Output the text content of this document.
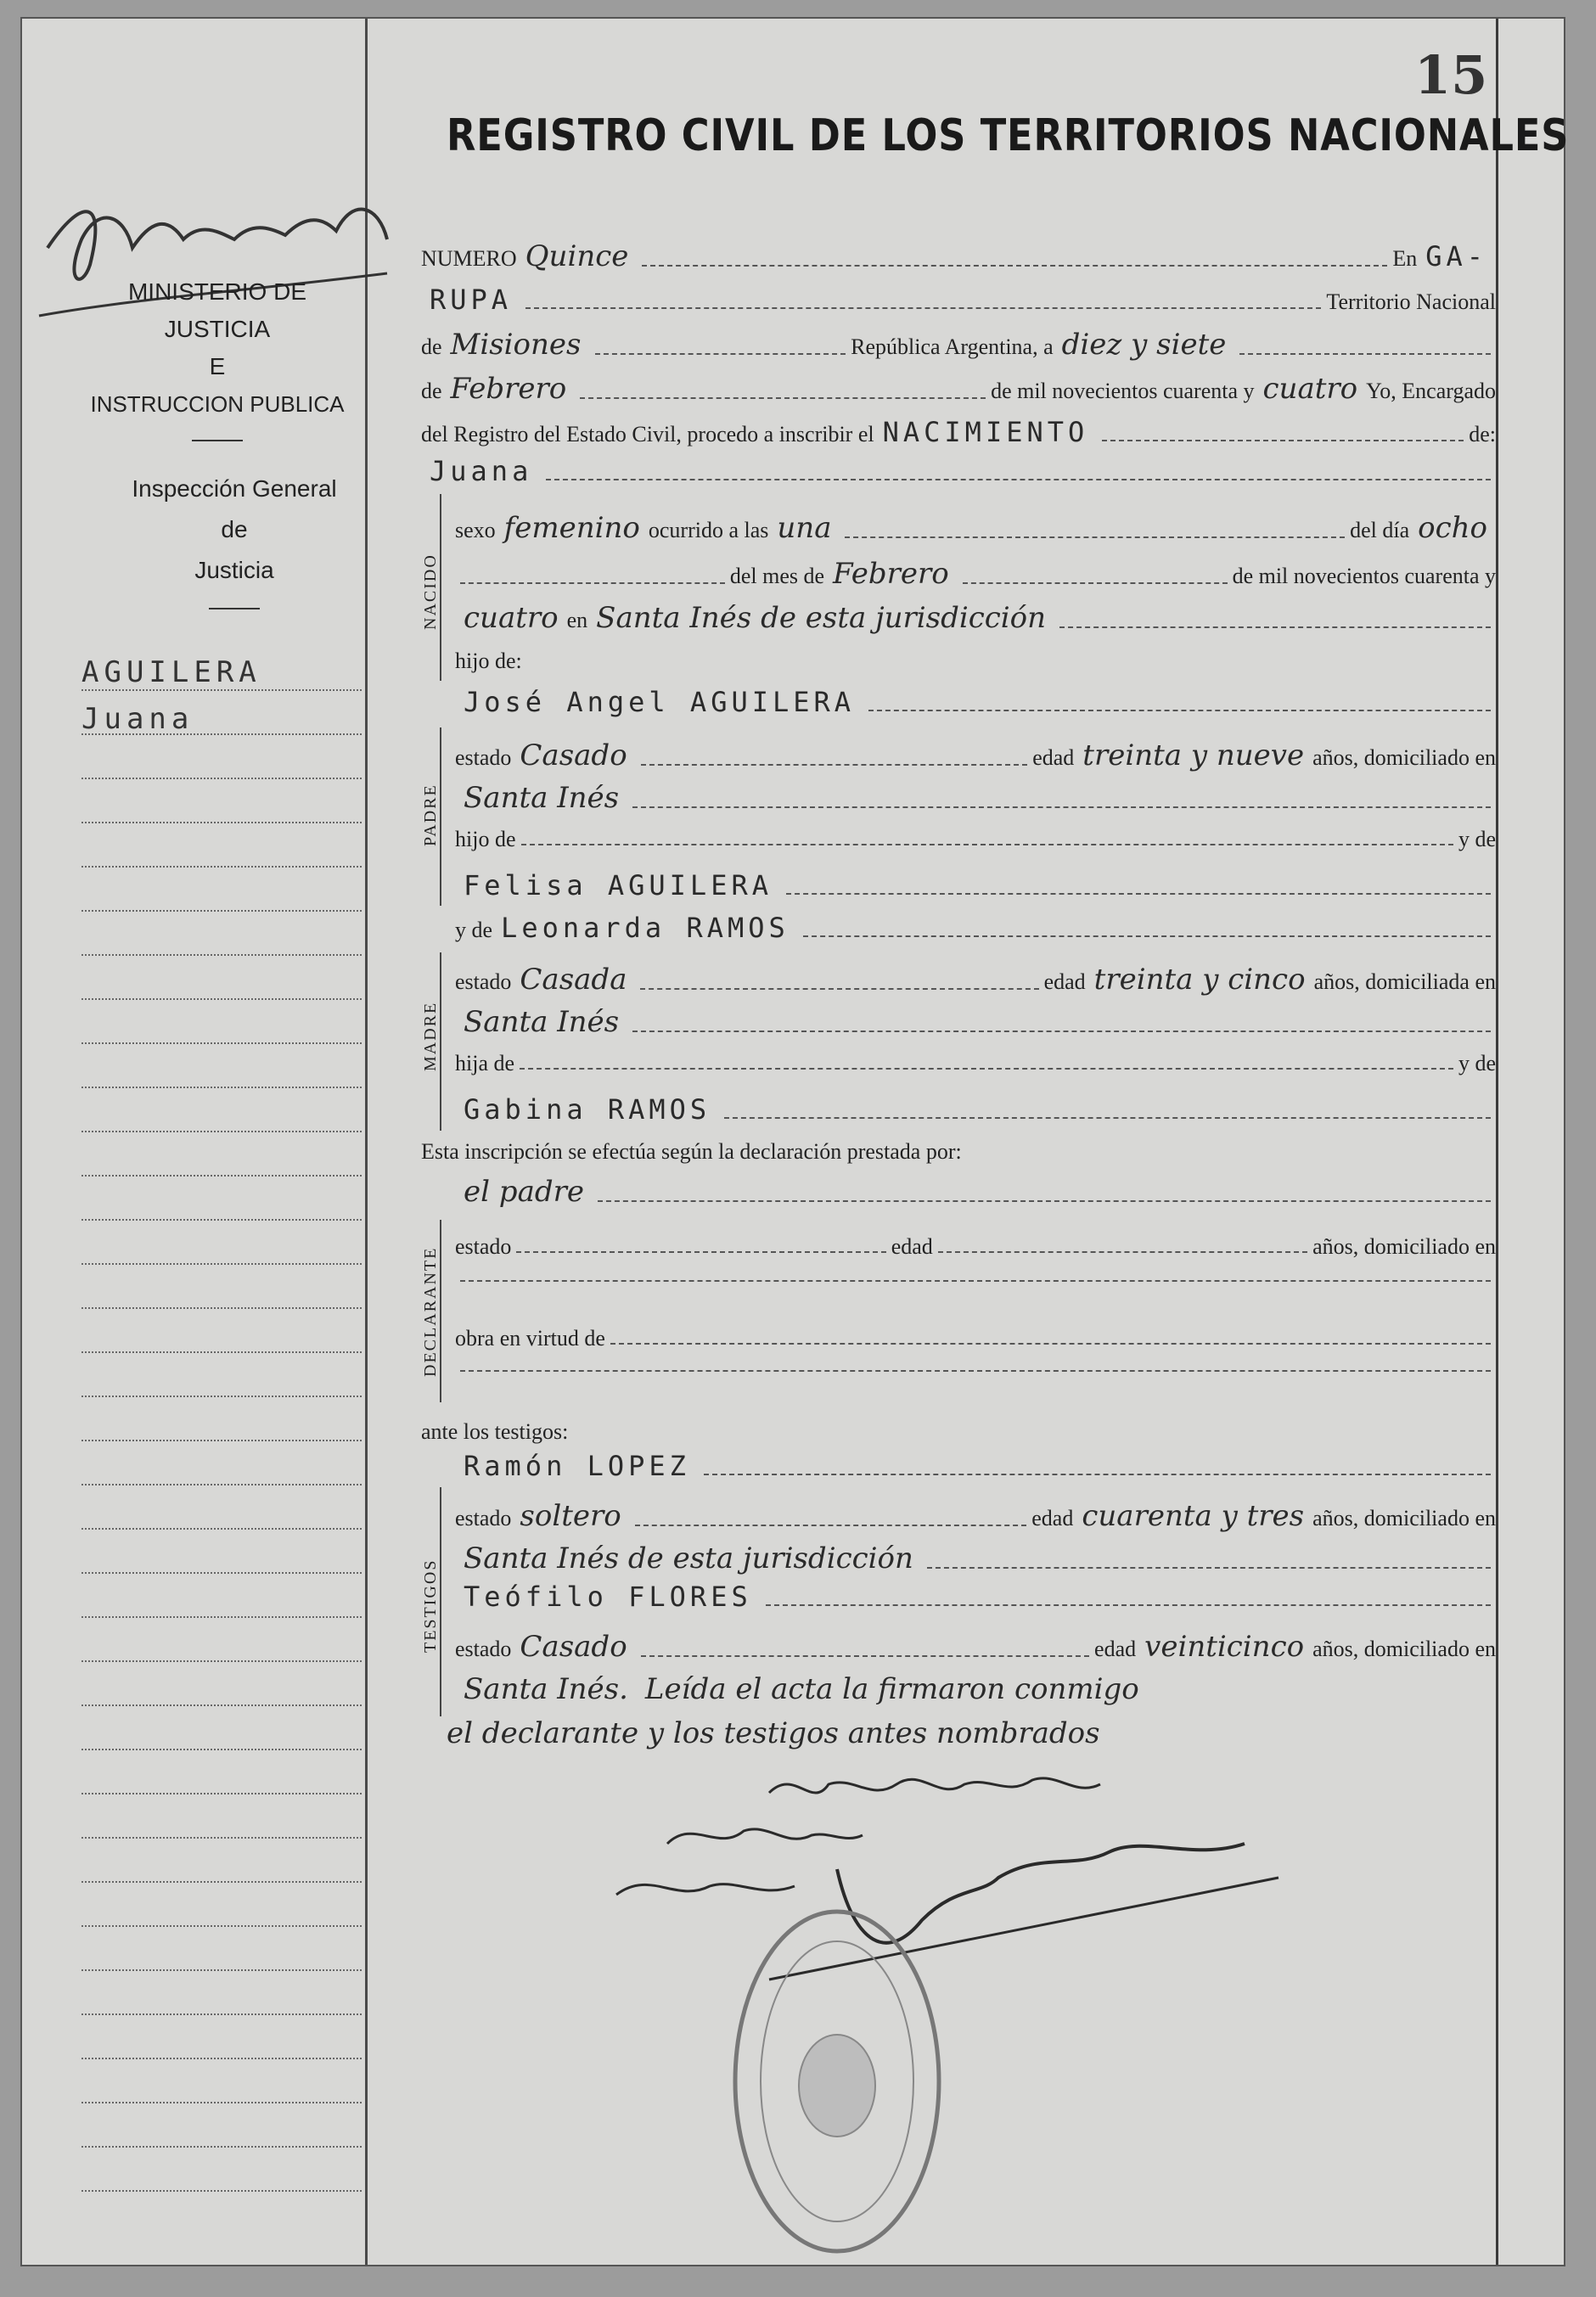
15
REGISTRO CIVIL DE LOS TERRITORIOS NACIONALES
MINISTERIO DE JUSTICIA
E
INSTRUCCION PUBLICA
Inspección General
de
Justicia
AGUILERA
Juana
NUMERO Quince	En GA-
RUPA	Territorio Nacional
de Misiones	República Argentina, a diez y siete
de Febrero	de mil novecientos cuarenta y cuatro Yo, Encargado
del Registro del Estado Civil, procedo a inscribir el NACIMIENTO	de:
Juana
NACIDO
sexo femenino ocurrido a las una	del día ocho
del mes de Febrero	de mil novecientos cuarenta y
cuatro en Santa Inés de esta jurisdicción
hijo de:
José Angel AGUILERA
PADRE
estado Casado	edad treinta y nueve años, domiciliado en
Santa Inés
hijo de	y de
Felisa AGUILERA
y de Leonarda RAMOS
MADRE
estado Casada	edad treinta y cinco años, domiciliada en
Santa Inés
hija de	y de
Gabina RAMOS
Esta inscripción se efectúa según la declaración prestada por:
el padre
DECLARANTE
estado	edad	años, domiciliado en
obra en virtud de
ante los testigos:
Ramón LOPEZ
TESTIGOS
estado soltero	edad cuarenta y tres años, domiciliado en
Santa Inés de esta jurisdicción
Teófilo FLORES
estado Casado	edad veinticinco años, domiciliado en
Santa Inés. Leída el acta la firmaron conmigo
el declarante y los testigos antes nombrados
